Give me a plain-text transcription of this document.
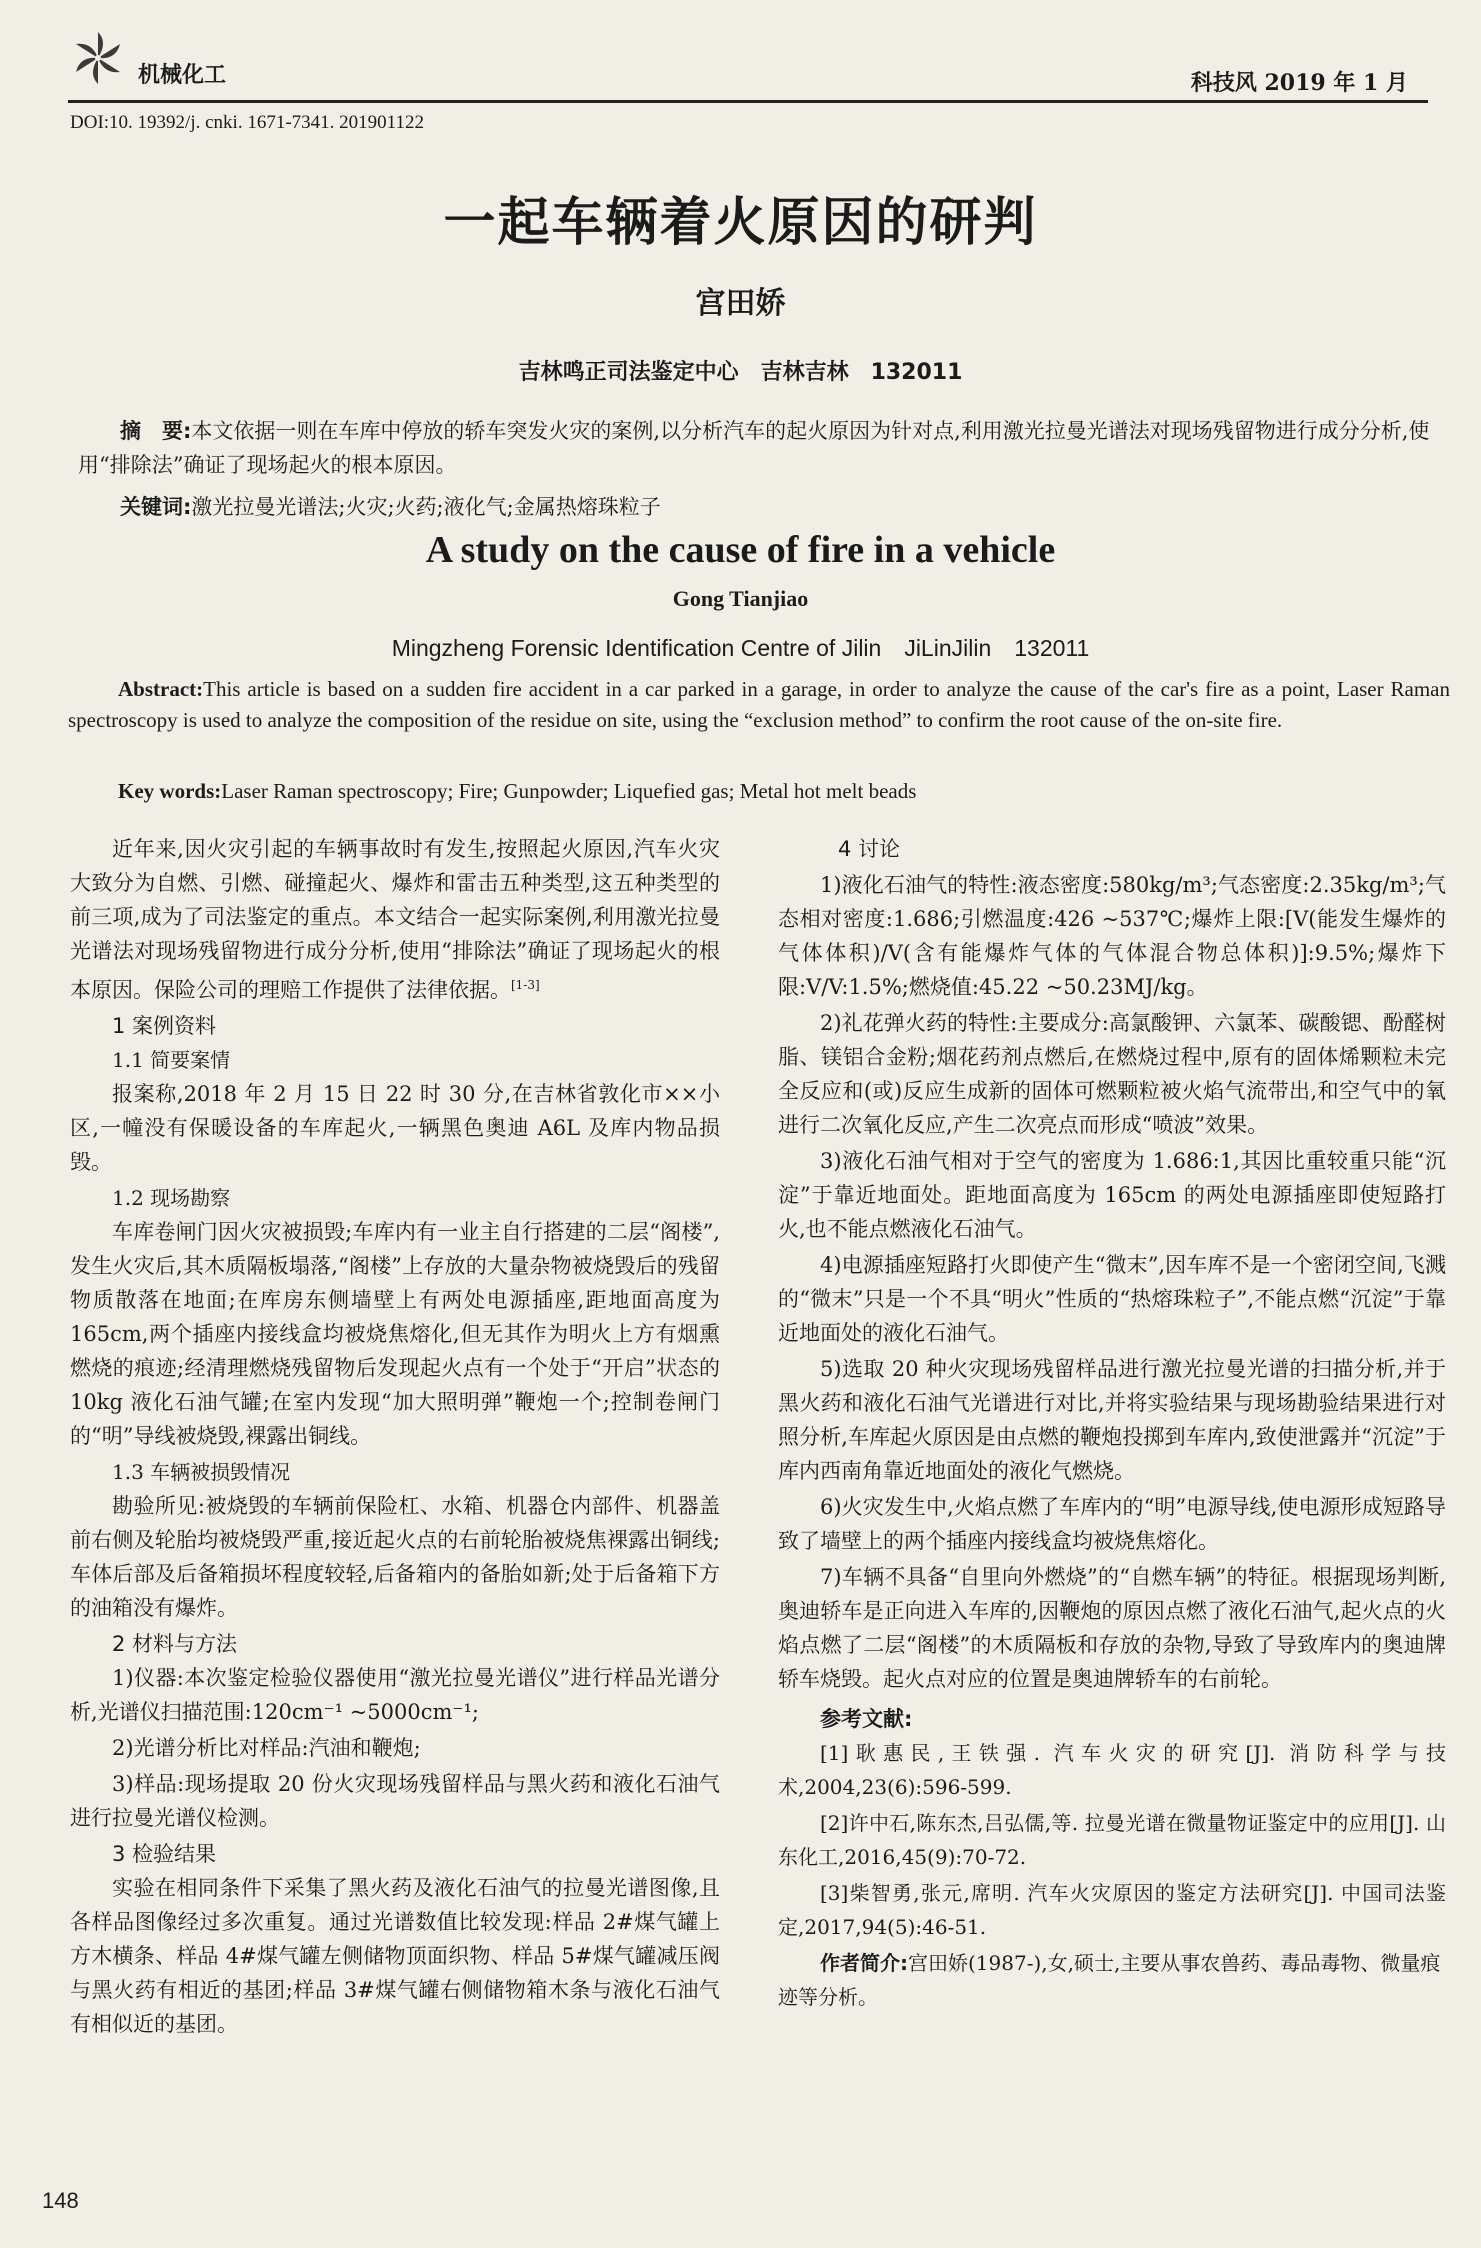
机械化工	科技风 2019 年 1 月
DOI:10. 19392/j. cnki. 1671-7341. 201901122
一起车辆着火原因的研判
宫田娇
吉林鸣正司法鉴定中心　吉林吉林　132011
摘　要:本文依据一则在车库中停放的轿车突发火灾的案例,以分析汽车的起火原因为针对点,利用激光拉曼光谱法对现场残留物进行成分分析,使用“排除法”确证了现场起火的根本原因。
关键词:激光拉曼光谱法;火灾;火药;液化气;金属热熔珠粒子
A study on the cause of fire in a vehicle
Gong Tianjiao
Mingzheng Forensic Identification Centre of Jilin　JiLinJilin　132011
Abstract:This article is based on a sudden fire accident in a car parked in a garage, in order to analyze the cause of the car's fire as a point, Laser Raman spectroscopy is used to analyze the composition of the residue on site, using the “exclusion method” to confirm the root cause of the on-site fire.
Key words:Laser Raman spectroscopy; Fire; Gunpowder; Liquefied gas; Metal hot melt beads
近年来,因火灾引起的车辆事故时有发生,按照起火原因,汽车火灾大致分为自燃、引燃、碰撞起火、爆炸和雷击五种类型,这五种类型的前三项,成为了司法鉴定的重点。本文结合一起实际案例,利用激光拉曼光谱法对现场残留物进行成分分析,使用“排除法”确证了现场起火的根本原因。保险公司的理赔工作提供了法律依据。[1-3]
1 案例资料
1.1 简要案情
报案称,2018 年 2 月 15 日 22 时 30 分,在吉林省敦化市××小区,一幢没有保暖设备的车库起火,一辆黑色奥迪 A6L 及库内物品损毁。
1.2 现场勘察
车库卷闸门因火灾被损毁;车库内有一业主自行搭建的二层“阁楼”,发生火灾后,其木质隔板塌落,“阁楼”上存放的大量杂物被烧毁后的残留物质散落在地面;在库房东侧墙壁上有两处电源插座,距地面高度为 165cm,两个插座内接线盒均被烧焦熔化,但无其作为明火上方有烟熏燃烧的痕迹;经清理燃烧残留物后发现起火点有一个处于“开启”状态的 10kg 液化石油气罐;在室内发现“加大照明弹”鞭炮一个;控制卷闸门的“明”导线被烧毁,裸露出铜线。
1.3 车辆被损毁情况
勘验所见:被烧毁的车辆前保险杠、水箱、机器仓内部件、机器盖前右侧及轮胎均被烧毁严重,接近起火点的右前轮胎被烧焦裸露出铜线;车体后部及后备箱损坏程度较轻,后备箱内的备胎如新;处于后备箱下方的油箱没有爆炸。
2 材料与方法
1)仪器:本次鉴定检验仪器使用“激光拉曼光谱仪”进行样品光谱分析,光谱仪扫描范围:120cm⁻¹ ~5000cm⁻¹;
2)光谱分析比对样品:汽油和鞭炮;
3)样品:现场提取 20 份火灾现场残留样品与黑火药和液化石油气进行拉曼光谱仪检测。
3 检验结果
实验在相同条件下采集了黑火药及液化石油气的拉曼光谱图像,且各样品图像经过多次重复。通过光谱数值比较发现:样品 2#煤气罐上方木横条、样品 4#煤气罐左侧储物顶面织物、样品 5#煤气罐减压阀与黑火药有相近的基团;样品 3#煤气罐右侧储物箱木条与液化石油气有相似近的基团。
4 讨论
1)液化石油气的特性:液态密度:580kg/m³;气态密度:2.35kg/m³;气态相对密度:1.686;引燃温度:426 ~537℃;爆炸上限:[V(能发生爆炸的气体体积)/V(含有能爆炸气体的气体混合物总体积)]:9.5%;爆炸下限:V/V:1.5%;燃烧值:45.22 ~50.23MJ/kg。
2)礼花弹火药的特性:主要成分:高氯酸钾、六氯苯、碳酸锶、酚醛树脂、镁铝合金粉;烟花药剂点燃后,在燃烧过程中,原有的固体烯颗粒未完全反应和(或)反应生成新的固体可燃颗粒被火焰气流带出,和空气中的氧进行二次氧化反应,产生二次亮点而形成“喷波”效果。
3)液化石油气相对于空气的密度为 1.686:1,其因比重较重只能“沉淀”于靠近地面处。距地面高度为 165cm 的两处电源插座即使短路打火,也不能点燃液化石油气。
4)电源插座短路打火即使产生“微末”,因车库不是一个密闭空间,飞溅的“微末”只是一个不具“明火”性质的“热熔珠粒子”,不能点燃“沉淀”于靠近地面处的液化石油气。
5)选取 20 种火灾现场残留样品进行激光拉曼光谱的扫描分析,并于黑火药和液化石油气光谱进行对比,并将实验结果与现场勘验结果进行对照分析,车库起火原因是由点燃的鞭炮投掷到车库内,致使泄露并“沉淀”于库内西南角靠近地面处的液化气燃烧。
6)火灾发生中,火焰点燃了车库内的“明”电源导线,使电源形成短路导致了墙壁上的两个插座内接线盒均被烧焦熔化。
7)车辆不具备“自里向外燃烧”的“自燃车辆”的特征。根据现场判断,奥迪轿车是正向进入车库的,因鞭炮的原因点燃了液化石油气,起火点的火焰点燃了二层“阁楼”的木质隔板和存放的杂物,导致了导致库内的奥迪牌轿车烧毁。起火点对应的位置是奥迪牌轿车的右前轮。
参考文献:
[1]耿惠民,王铁强. 汽车火灾的研究[J]. 消防科学与技术,2004,23(6):596-599.
[2]许中石,陈东杰,吕弘儒,等. 拉曼光谱在微量物证鉴定中的应用[J]. 山东化工,2016,45(9):70-72.
[3]柴智勇,张元,席明. 汽车火灾原因的鉴定方法研究[J]. 中国司法鉴定,2017,94(5):46-51.
作者简介:宫田娇(1987-),女,硕士,主要从事农兽药、毒品毒物、微量痕迹等分析。
148
